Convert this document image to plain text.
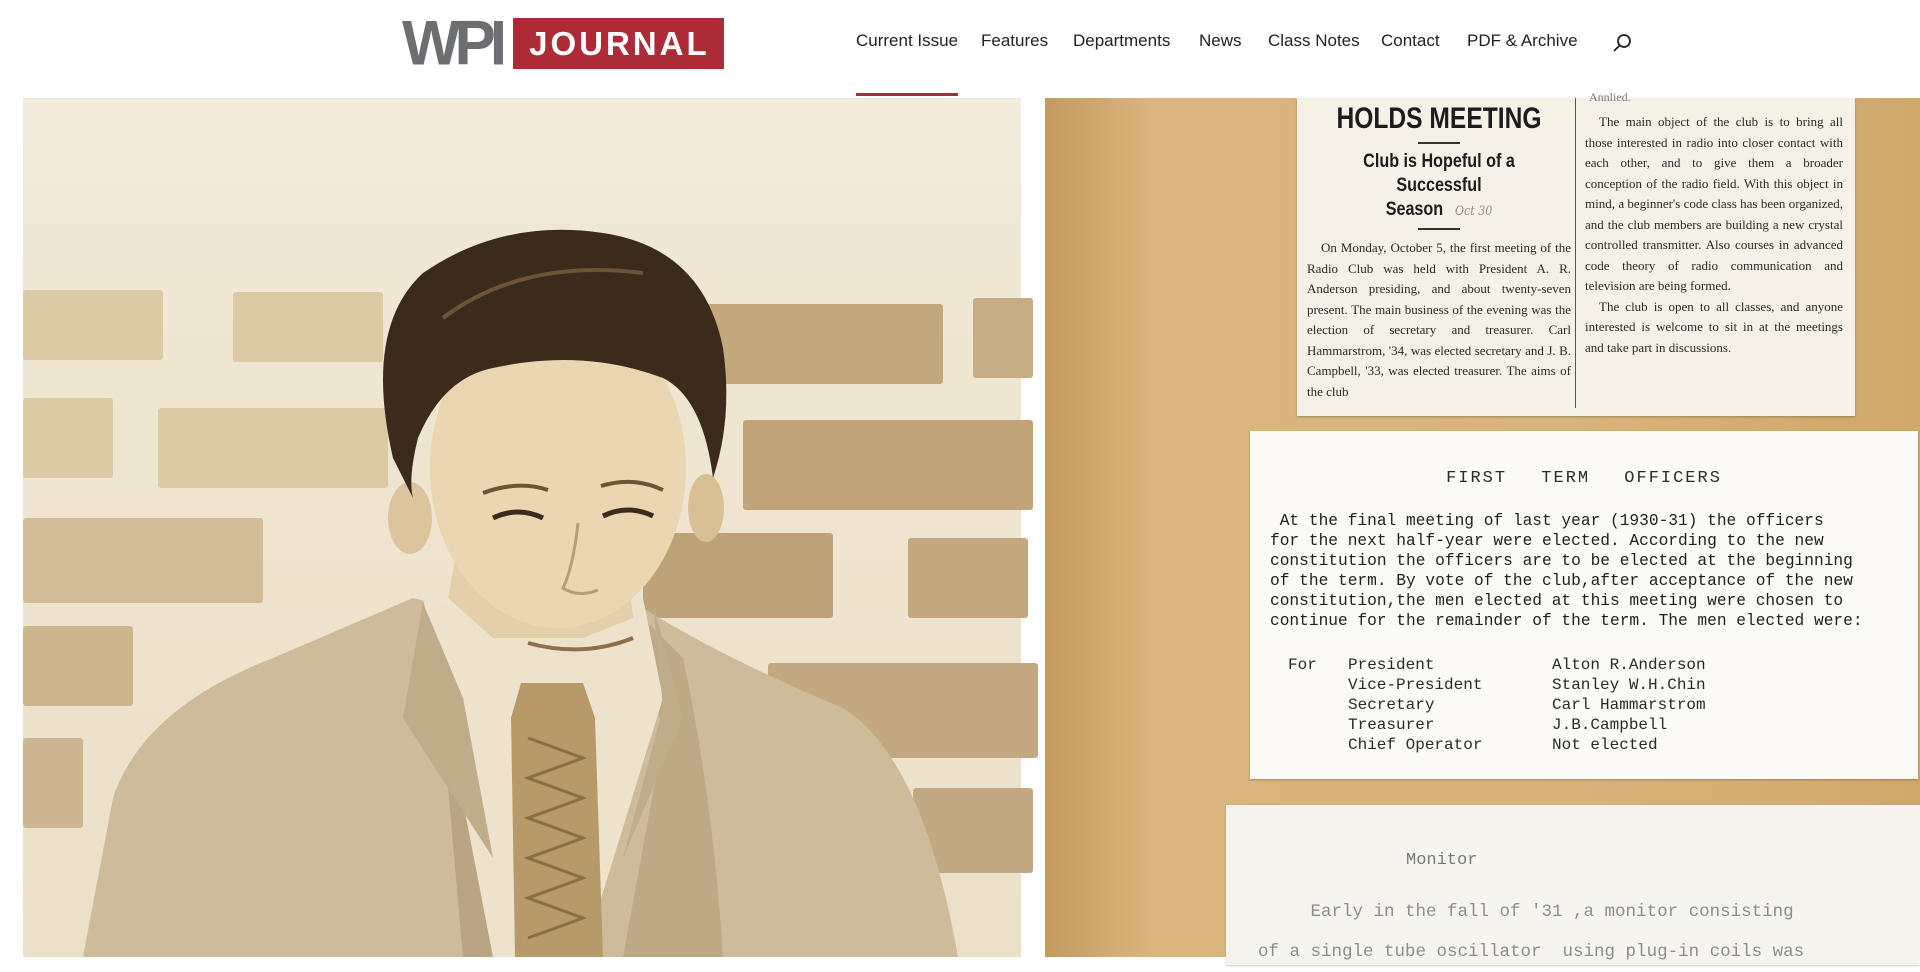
WPI JOURNAL	Current Issue Features Departments News Class Notes Contact PDF & Archive
HOLDS MEETING
Club is Hopeful of a Successful
Season Oct 30
On Monday, October 5, the first meeting of the Radio Club was held with President A. R. Anderson presiding, and about twenty-seven present. The main business of the evening was the election of secretary and treasurer. Carl Hammarstrom, '34, was elected secretary and J. B. Campbell, '33, was elected treasurer. The aims of the club
Annlied.
The main object of the club is to bring all those interested in radio into closer contact with each other, and to give them a broader conception of the radio field. With this object in mind, a beginner's code class has been organized, and the club members are building a new crystal controlled transmitter. Also courses in advanced code theory of radio communication and television are being formed.
The club is open to all classes, and anyone interested is welcome to sit in at the meetings and take part in discussions.
FIRST TERM OFFICERS
At the final meeting of last year (1930-31) the officers
for the next half-year were elected. According to the new
constitution the officers are to be elected at the beginning
of the term. By vote of the club,after acceptance of the new
constitution,the men elected at this meeting were chosen to
continue for the remainder of the term. The men elected were:
For President	Alton R.Anderson
Vice-President	Stanley W.H.Chin
Secretary	Carl Hammarstrom
Treasurer	J.B.Campbell
Chief Operator	Not elected
Monitor
Early in the fall of '31 ,a monitor consisting
of a single tube oscillator  using plug-in coils was
